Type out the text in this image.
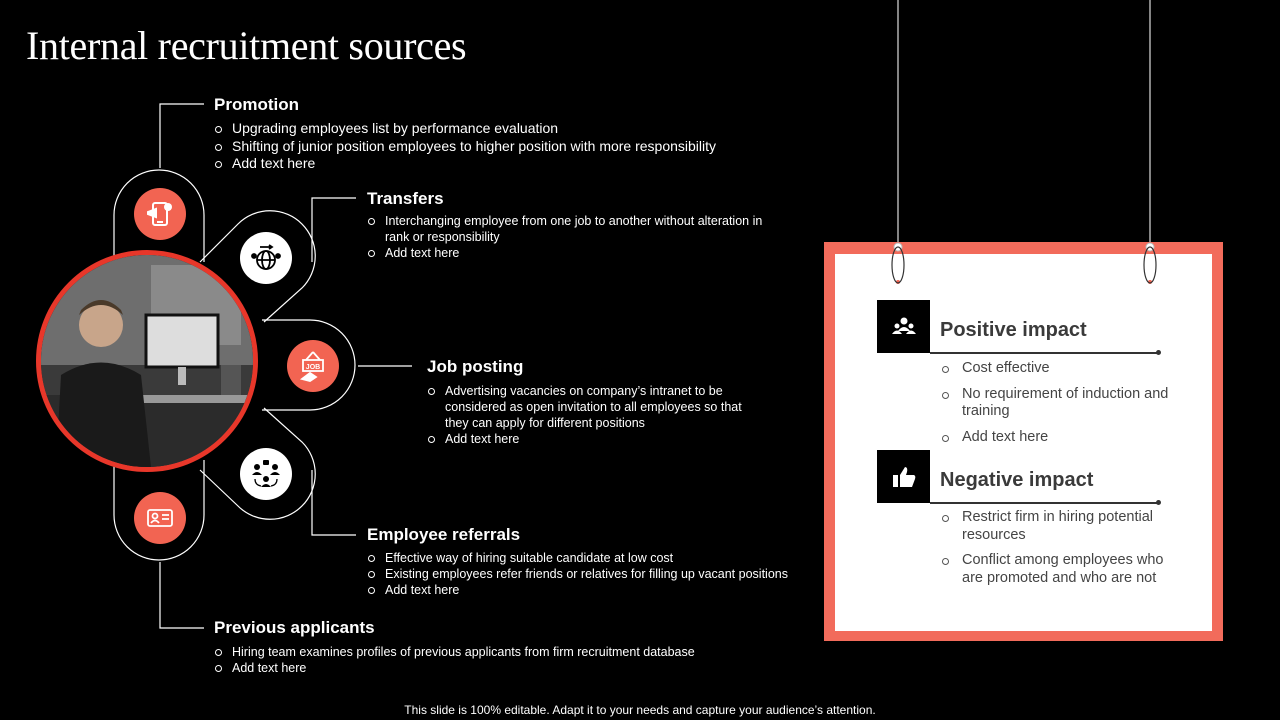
Internal recruitment sources
JOB
Promotion
Upgrading employees list by performance evaluation
Shifting of junior position employees to higher position with more responsibility
Add text here
Transfers
Interchanging employee from one job to another without alteration in rank or responsibility
Add text here
Job posting
Advertising vacancies on company’s intranet to be considered as open invitation to all employees so that they can apply for different positions
Add text here
Employee referrals
Effective way of hiring suitable candidate at low cost
Existing employees refer friends or relatives for filling up vacant positions
Add text here
Previous applicants
Hiring team examines profiles of previous applicants from firm recruitment database
Add text here
Positive impact
Cost effective
No requirement of induction and training
Add text here
Negative impact
Restrict firm in hiring potential resources
Conflict among employees who are promoted and who are not
This slide is 100% editable. Adapt it to your needs and capture your audience’s attention.
